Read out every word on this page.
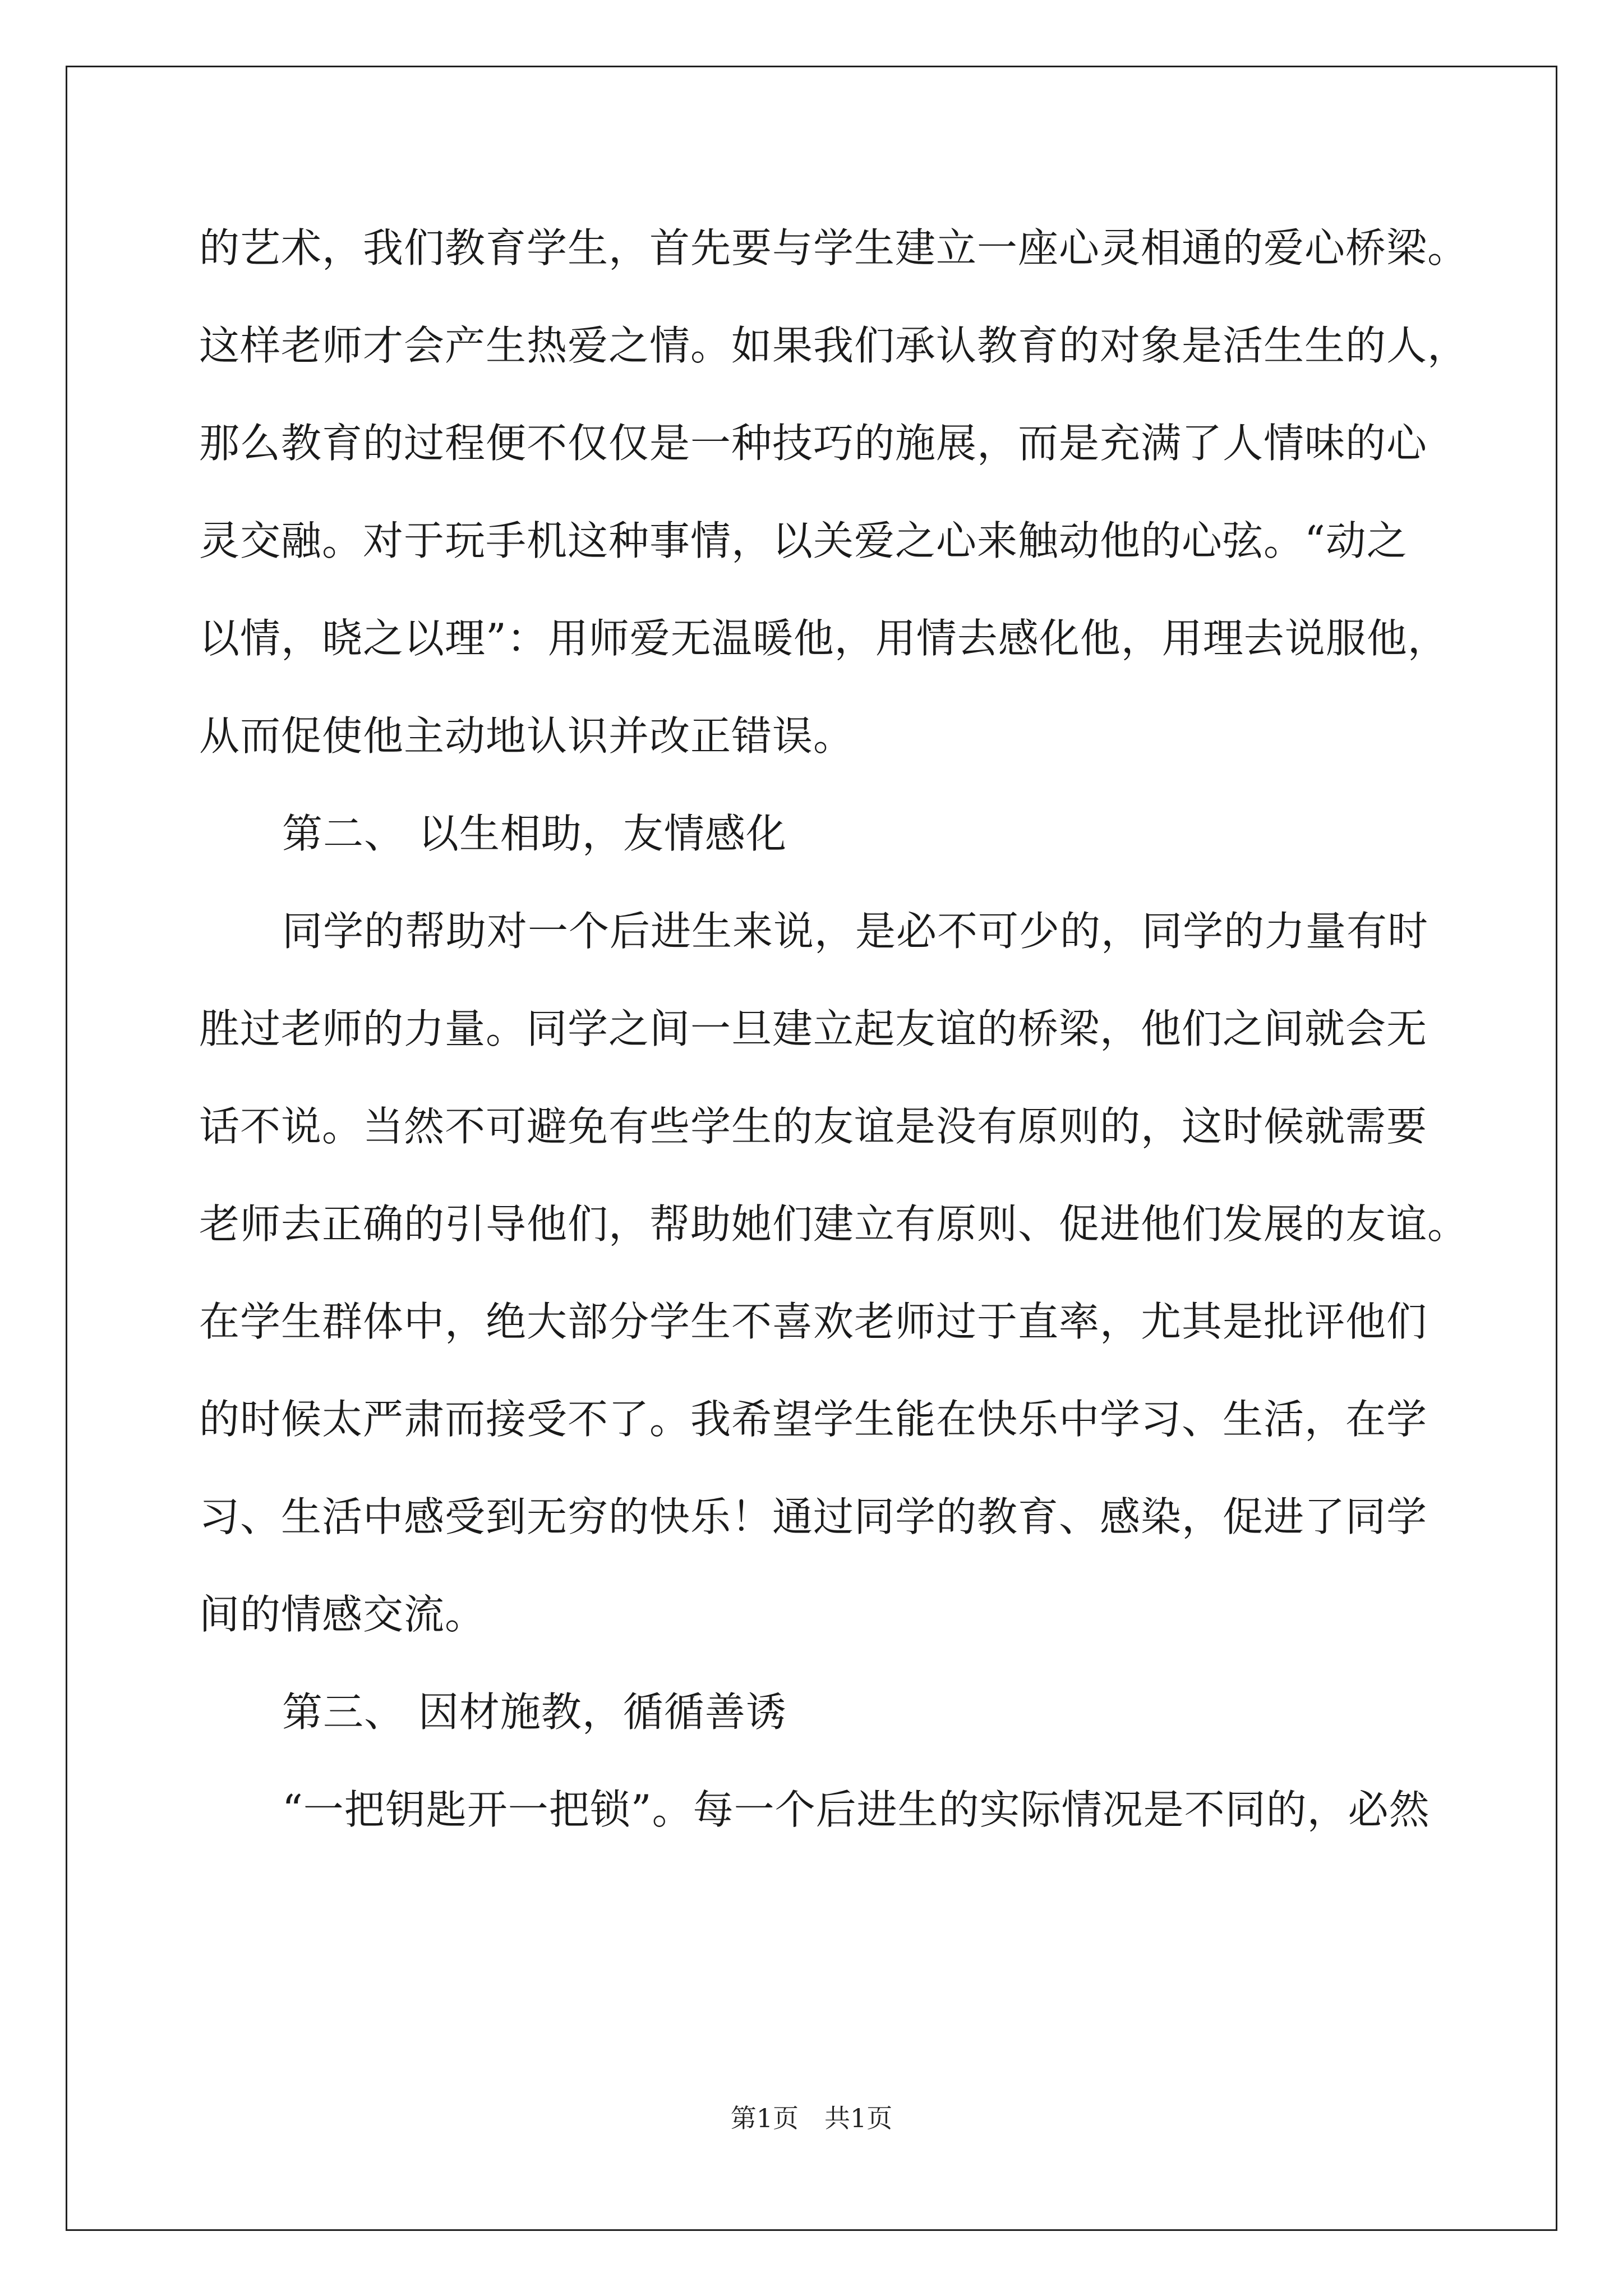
的艺术，我们教育学生，首先要与学生建立一座心灵相通的爱心桥梁。
这样老师才会产生热爱之情。如果我们承认教育的对象是活生生的人，
那么教育的过程便不仅仅是一种技巧的施展，而是充满了人情味的心
灵交融。对于玩手机这种事情，以关爱之心来触动他的心弦。“动之
以情，晓之以理”：用师爱无温暖他，用情去感化他，用理去说服他，
从而促使他主动地认识并改正错误。
第二、 以生相助，友情感化
同学的帮助对一个后进生来说，是必不可少的，同学的力量有时
胜过老师的力量。同学之间一旦建立起友谊的桥梁，他们之间就会无
话不说。当然不可避免有些学生的友谊是没有原则的，这时候就需要
老师去正确的引导他们，帮助她们建立有原则、促进他们发展的友谊。
在学生群体中，绝大部分学生不喜欢老师过于直率，尤其是批评他们
的时候太严肃而接受不了。我希望学生能在快乐中学习、生活，在学
习、生活中感受到无穷的快乐！通过同学的教育、感染，促进了同学
间的情感交流。
第三、 因材施教，循循善诱
“一把钥匙开一把锁”。每一个后进生的实际情况是不同的，必然
第1页 共1页
